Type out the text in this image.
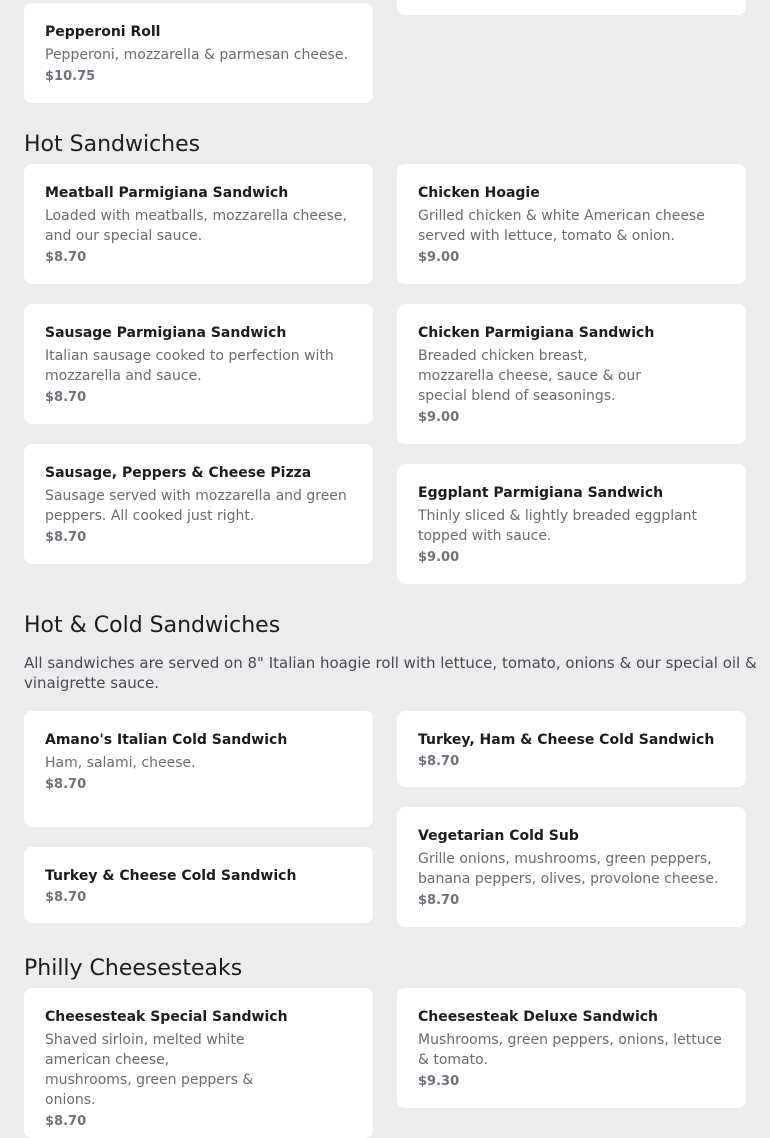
Pepperoni Roll
Pepperoni, mozzarella & parmesan cheese.
$10.75
Hot Sandwiches
Meatball Parmigiana Sandwich
Loaded with meatballs, mozzarella cheese, and our special sauce.
$8.70
Chicken Hoagie
Grilled chicken & white American cheese served with lettuce, tomato & onion.
$9.00
Sausage Parmigiana Sandwich
Italian sausage cooked to perfection with mozzarella and sauce.
$8.70
Chicken Parmigiana Sandwich
Breaded chicken breast, mozzarella cheese, sauce & our special blend of seasonings.
$9.00
Sausage, Peppers & Cheese Pizza
Sausage served with mozzarella and green peppers. All cooked just right.
$8.70
Eggplant Parmigiana Sandwich
Thinly sliced & lightly breaded eggplant topped with sauce.
$9.00
Hot & Cold Sandwiches
All sandwiches are served on 8" Italian hoagie roll with lettuce, tomato, onions & our special oil & vinaigrette sauce.
Amano's Italian Cold Sandwich
Ham, salami, cheese.
$8.70
Turkey, Ham & Cheese Cold Sandwich
$8.70
Turkey & Cheese Cold Sandwich
$8.70
Vegetarian Cold Sub
Grille onions, mushrooms, green peppers, banana peppers, olives, provolone cheese.
$8.70
Philly Cheesesteaks
Cheesesteak Special Sandwich
Shaved sirloin, melted white american cheese, mushrooms, green peppers & onions.
$8.70
Cheesesteak Deluxe Sandwich
Mushrooms, green peppers, onions, lettuce & tomato.
$9.30
